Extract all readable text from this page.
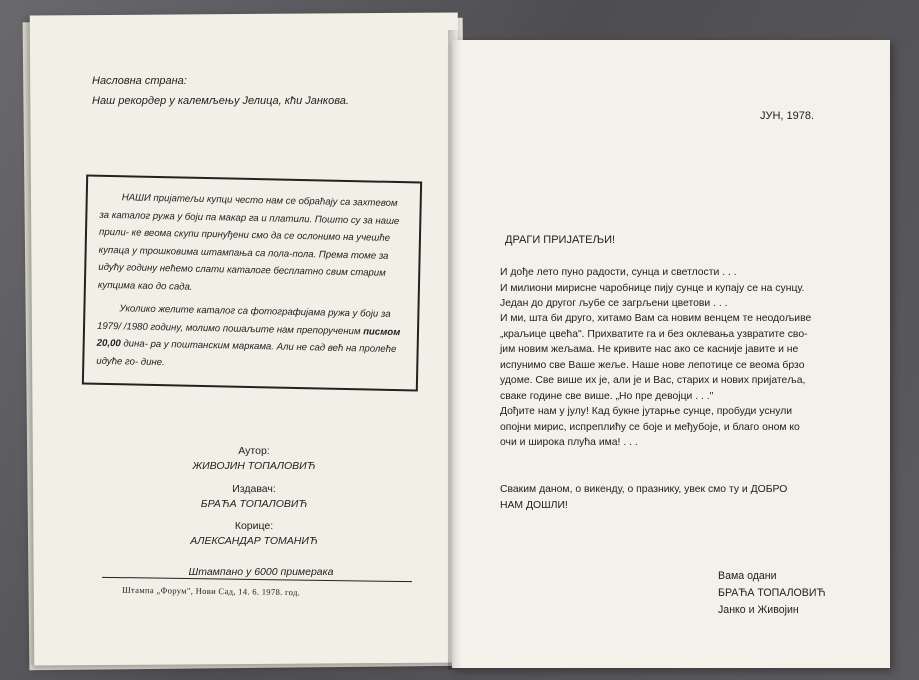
Насловна страна:
Наш рекордер у калемљењу Јелица, кћи Јанкова.

НАШИ пријатељи купци често нам се обраћају са захтевом за каталог ружа у боји па макар га и платили. Пошто су за наше прили- ке веома скупи принуђени смо да се ослонимо на учешће купаца у трошковима штампања са пола-пола. Према томе за идућу годину нећемо слати каталоге бесплатно свим старим купцима као до сада.

Уколико желите каталог са фотографијама ружа у боји за 1979/ /1980 годину, молимо пошаљите нам препорученим писмом 20,00 дина- ра у поштанским маркама. Али не сад већ на пролеће идуће го- дине.

Аутор:
ЖИВОЈИН ТОПАЛОВИЋ
Издавач:
БРАЋА ТОПАЛОВИЋ
Корице:
АЛЕКСАНДАР ТОМАНИЋ
Штампано у 6000 примерака
Штампа „Форум", Нови Сад, 14. 6. 1978. год.
ЈУН, 1978.
ДРАГИ ПРИЈАТЕЉИ!
И дође лето пуно радости, сунца и светлости . . .
И милиони мирисне чаробнице пију сунце и купају се на сунцу.
Један до другог љубе се загрљени цветови . . .
И ми, шта би друго, хитамо Вам са новим венцем те неодољиве
„краљице цвећа". Прихватите га и без оклевања узвратите сво-
јим новим жељама. Не кривите нас ако се касније јавите и не
испунимо све Ваше жеље. Наше нове лепотице се веома брзо
удоме. Све више их је, али је и Вас, старих и нових пријатеља,
сваке године све више. „Но пре девојци . . ."
Дођите нам у јулу! Кад букне јутарње сунце, пробуди уснули
опојни мирис, испреплићу се боје и међубоје, и благо оном ко
очи и широка плућа има! . . .
Сваким даном, о викенду, о празнику, увек смо ту и ДОБРО
НАМ ДОШЛИ!
Вама одани
БРАЋА ТОПАЛОВИЋ
Јанко и Живојин
